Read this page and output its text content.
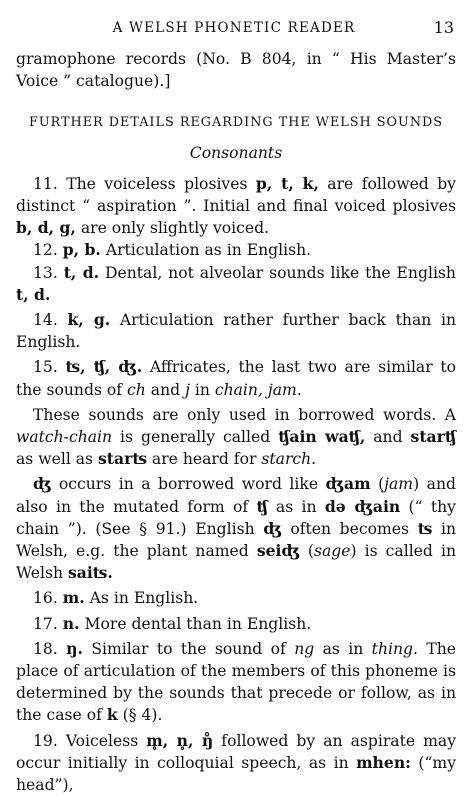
A WELSH PHONETIC READER	13

gramophone records (No. B 804, in “ His Master’s Voice ” catalogue).]

FURTHER DETAILS REGARDING THE WELSH SOUNDS

Consonants

11. The voiceless plosives p, t, k, are followed by distinct “ aspiration ”. Initial and final voiced plosives b, d, g, are only slightly voiced.

12. p, b. Articulation as in English.

13. t, d. Dental, not alveolar sounds like the English t, d.

14. k, g. Articulation rather further back than in English.

15. ʦ, ʧ, ʤ. Affricates, the last two are similar to the sounds of ch and j in chain, jam.

These sounds are only used in borrowed words. A watch-chain is generally called ʧain waʧ, and starʧ as well as starʦ are heard for starch.

ʤ occurs in a borrowed word like ʤam (jam) and also in the mutated form of ʧ as in də ʤain (“ thy chain ”). (See § 91.) English ʤ often becomes ʦ in Welsh, e.g. the plant named seiʤ (sage) is called in Welsh saiʦ.

16. m. As in English.

17. n. More dental than in English.

18. ŋ. Similar to the sound of ng as in thing. The place of articulation of the members of this phoneme is determined by the sounds that precede or follow, as in the case of k (§ 4).

19. Voiceless m̥, n̥, ŋ̊ followed by an aspirate may occur initially in colloquial speech, as in mhen: (“my head”),
